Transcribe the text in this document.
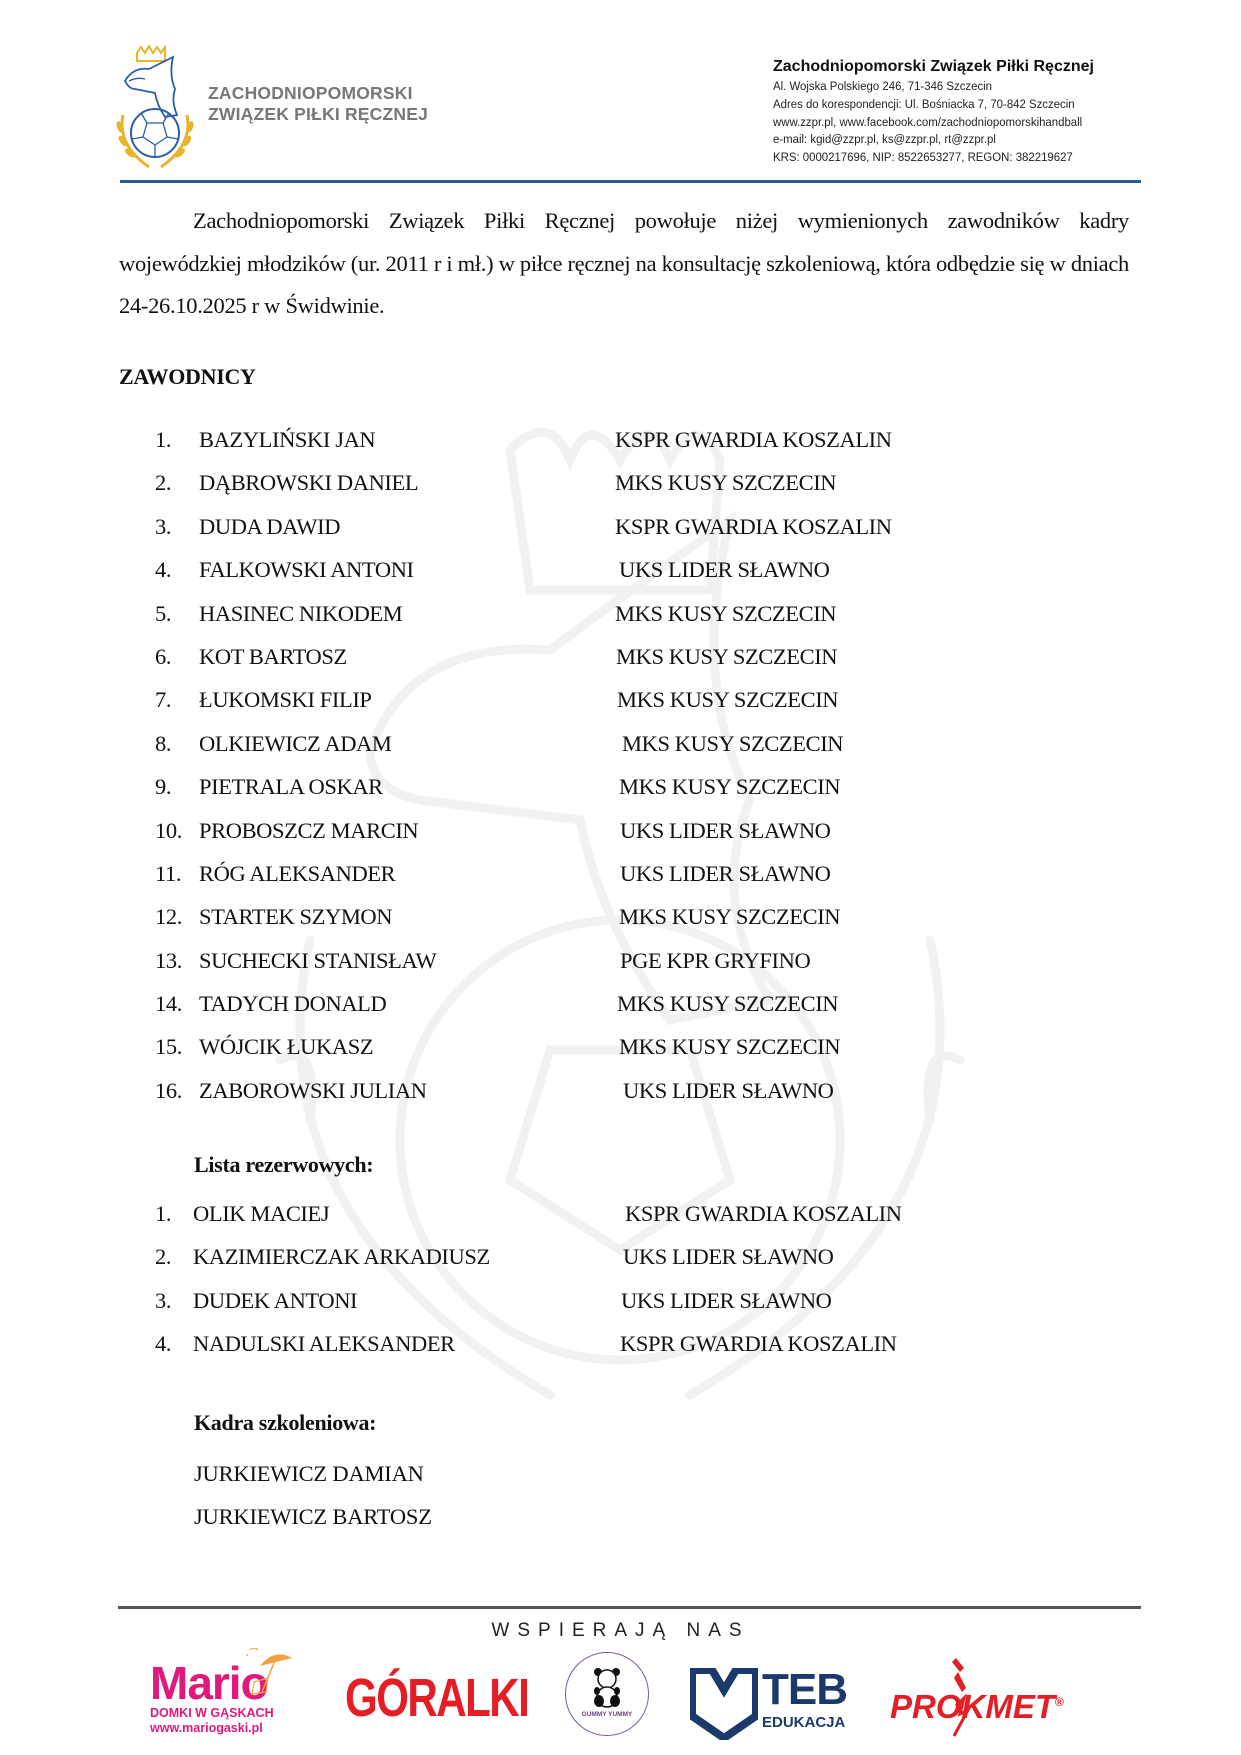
ZACHODNIOPOMORSKI
ZWIĄZEK PIŁKI RĘCZNEJ
Zachodniopomorski Związek Piłki Ręcznej
Al. Wojska Polskiego 246, 71-346 Szczecin
Adres do korespondencji: Ul. Bośniacka 7, 70-842 Szczecin
www.zzpr.pl, www.facebook.com/zachodniopomorskihandball
e-mail: kgid@zzpr.pl, ks@zzpr.pl, rt@zzpr.pl
KRS: 0000217696, NIP: 8522653277, REGON: 382219627

Zachodniopomorski Związek Piłki Ręcznej powołuje niżej wymienionych zawodników kadry wojewódzkiej młodzików (ur. 2011 r i mł.) w piłce ręcznej na konsultację szkoleniową, która odbędzie się w dniach 24-26.10.2025 r w Świdwinie.

ZAWODNICY
1.	BAZYLIŃSKI JAN	KSPR GWARDIA KOSZALIN
2.	DĄBROWSKI DANIEL	MKS KUSY SZCZECIN
3.	DUDA DAWID	KSPR GWARDIA KOSZALIN
4.	FALKOWSKI ANTONI	UKS LIDER SŁAWNO
5.	HASINEC NIKODEM	MKS KUSY SZCZECIN
6.	KOT BARTOSZ	MKS KUSY SZCZECIN
7.	ŁUKOMSKI FILIP	MKS KUSY SZCZECIN
8.	OLKIEWICZ ADAM	MKS KUSY SZCZECIN
9.	PIETRALA OSKAR	MKS KUSY SZCZECIN
10. PROBOSZCZ MARCIN	UKS LIDER SŁAWNO
11. RÓG ALEKSANDER	UKS LIDER SŁAWNO
12. STARTEK SZYMON	MKS KUSY SZCZECIN
13. SUCHECKI STANISŁAW	PGE KPR GRYFINO
14. TADYCH DONALD	MKS KUSY SZCZECIN
15. WÓJCIK ŁUKASZ	MKS KUSY SZCZECIN
16. ZABOROWSKI JULIAN	UKS LIDER SŁAWNO
Lista rezerwowych:
1. OLIK MACIEJ	KSPR GWARDIA KOSZALIN
2. KAZIMIERCZAK ARKADIUSZ	UKS LIDER SŁAWNO
3. DUDEK ANTONI	UKS LIDER SŁAWNO
4. NADULSKI ALEKSANDER	KSPR GWARDIA KOSZALIN
Kadra szkoleniowa:
JURKIEWICZ DAMIAN
JURKIEWICZ BARTOSZ
WSPIERAJĄ NAS
Mario
DOMKI W GĄSKACH
www.mariogaski.pl GÓRALKI	GUMMY YUMMY
TEB
EDUKACJA PROKMET®
